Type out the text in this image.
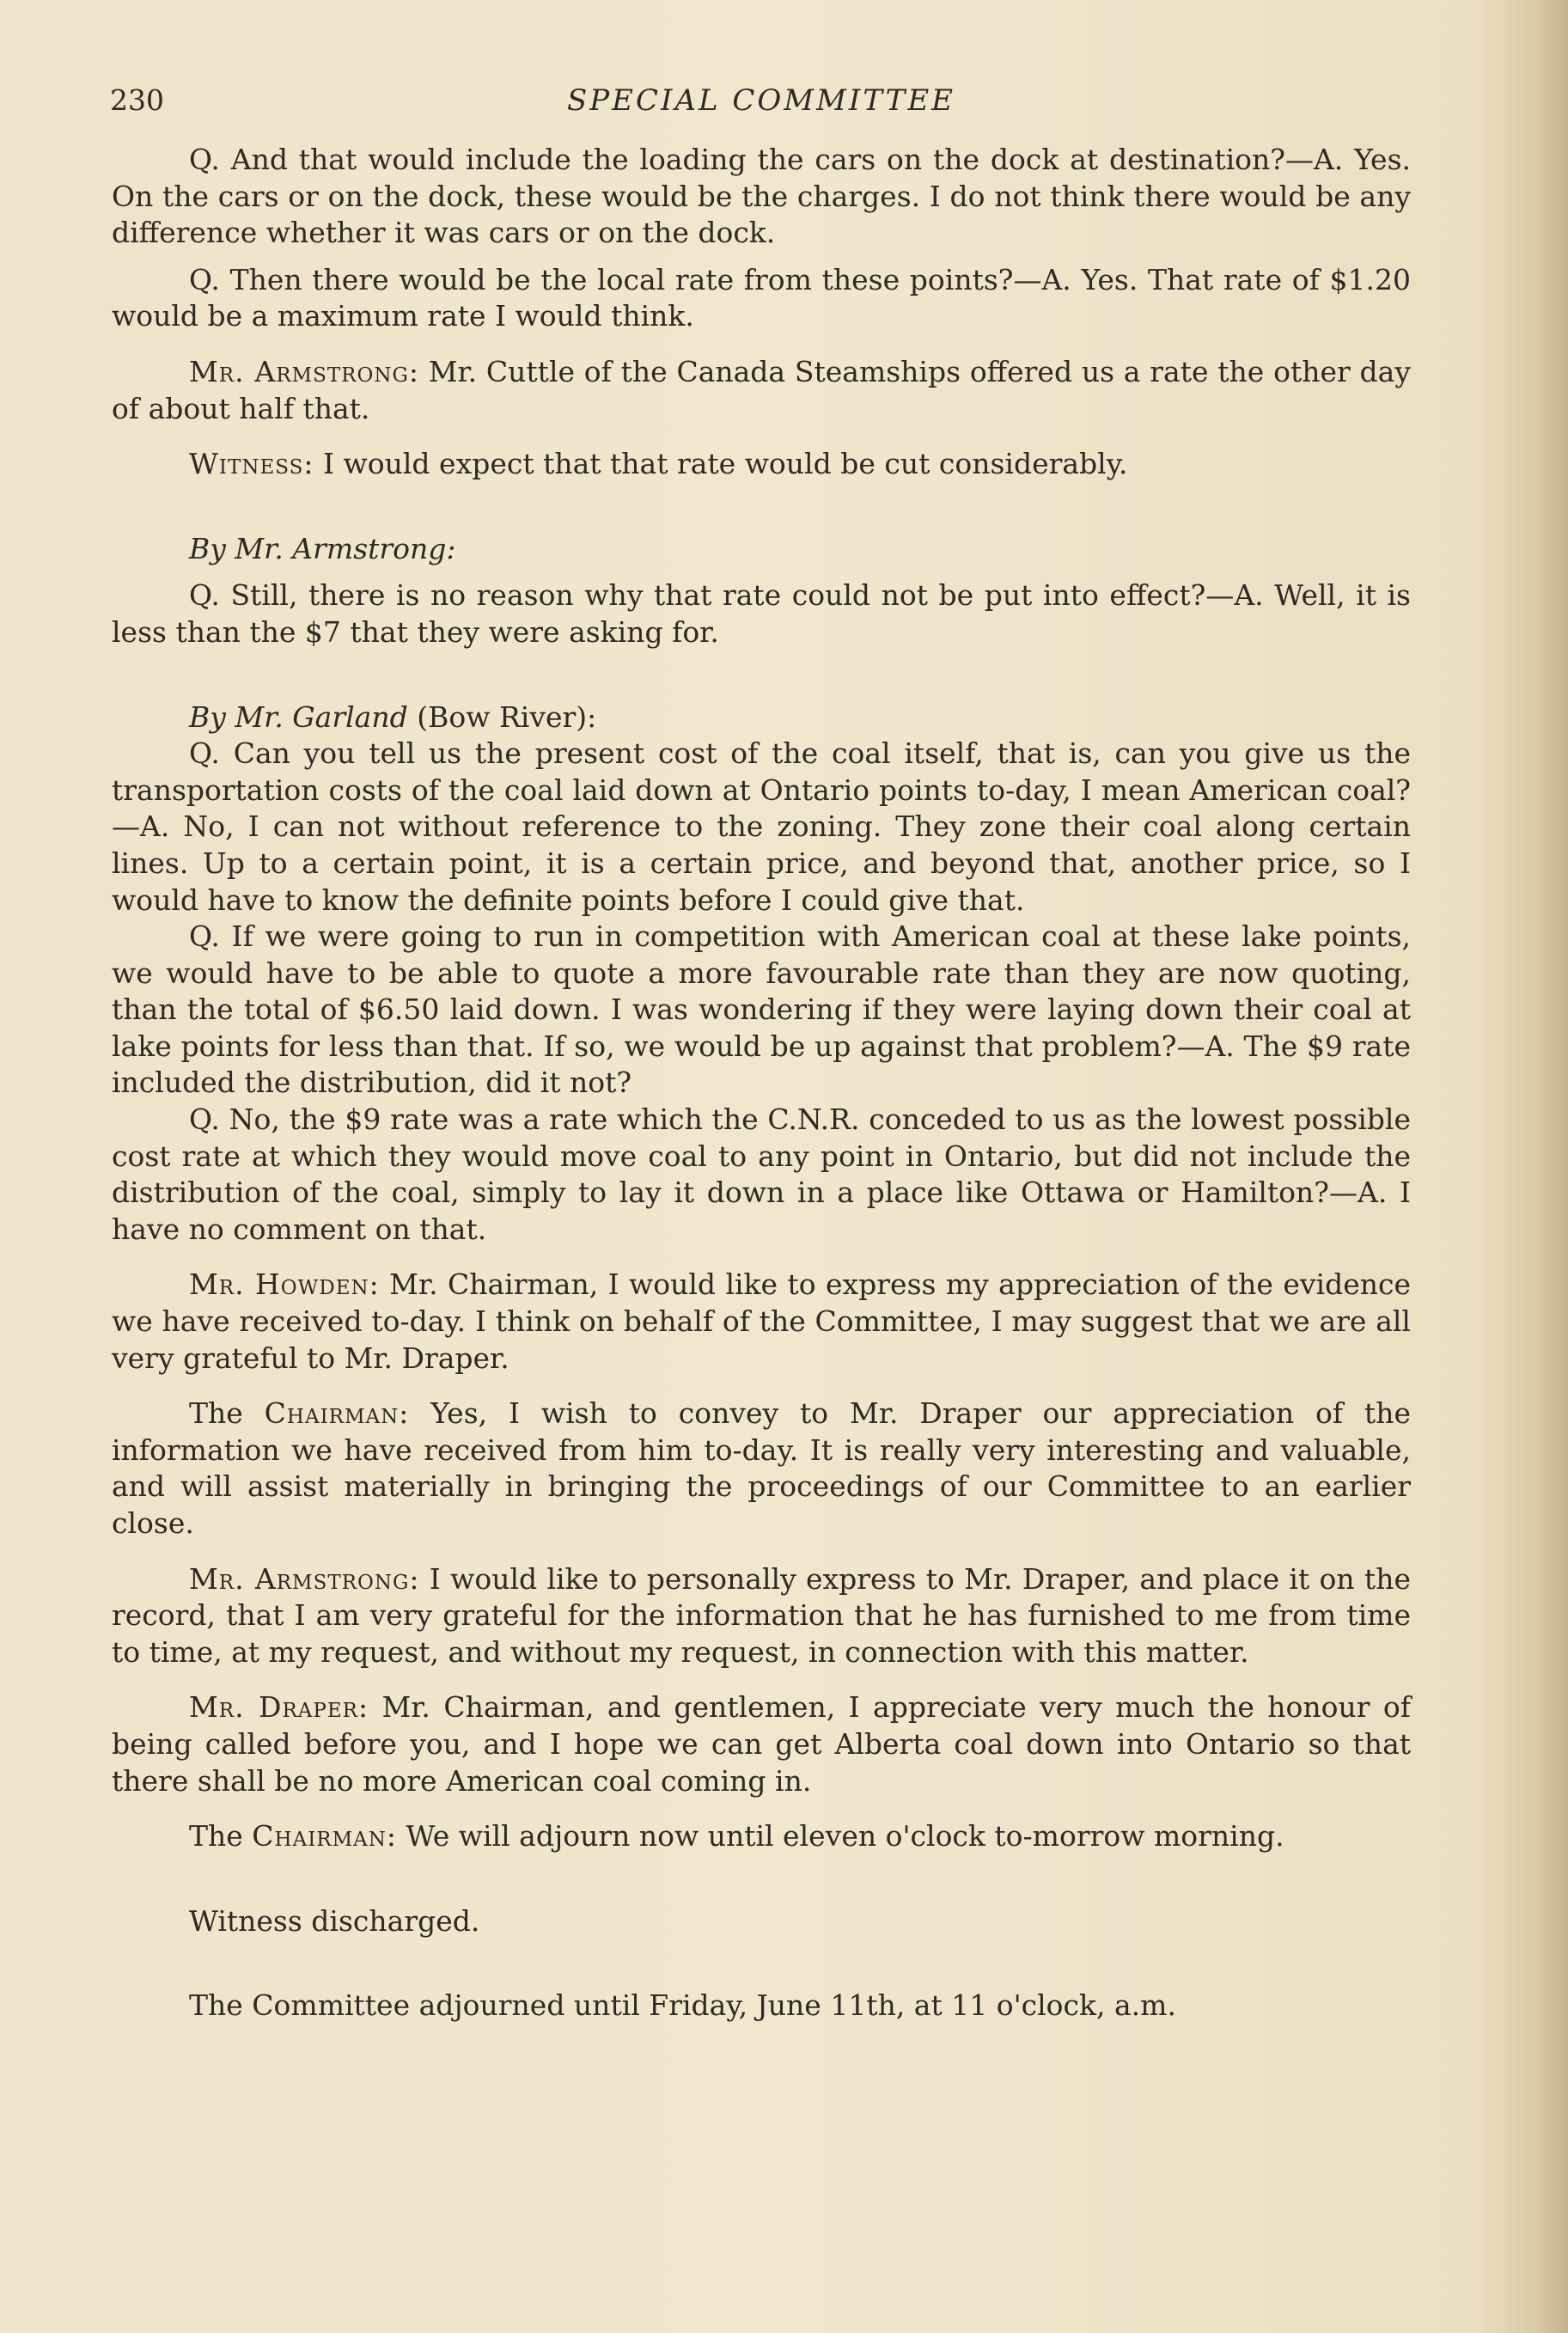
230	SPECIAL COMMITTEE

Q. And that would include the loading the cars on the dock at destination?—A. Yes. On the cars or on the dock, these would be the charges. I do not think there would be any difference whether it was cars or on the dock.

Q. Then there would be the local rate from these points?—A. Yes. That rate of $1.20 would be a maximum rate I would think.

Mr. Armstrong: Mr. Cuttle of the Canada Steamships offered us a rate the other day of about half that.

Witness: I would expect that that rate would be cut considerably.

By Mr. Armstrong:

Q. Still, there is no reason why that rate could not be put into effect?—A. Well, it is less than the $7 that they were asking for.

By Mr. Garland (Bow River):

Q. Can you tell us the present cost of the coal itself, that is, can you give us the transportation costs of the coal laid down at Ontario points to-day, I mean American coal?—A. No, I can not without reference to the zoning. They zone their coal along certain lines. Up to a certain point, it is a certain price, and beyond that, another price, so I would have to know the definite points before I could give that.

Q. If we were going to run in competition with American coal at these lake points, we would have to be able to quote a more favourable rate than they are now quoting, than the total of $6.50 laid down. I was wondering if they were laying down their coal at lake points for less than that. If so, we would be up against that problem?—A. The $9 rate included the distribution, did it not?

Q. No, the $9 rate was a rate which the C.N.R. conceded to us as the lowest possible cost rate at which they would move coal to any point in Ontario, but did not include the distribution of the coal, simply to lay it down in a place like Ottawa or Hamilton?—A. I have no comment on that.

Mr. Howden: Mr. Chairman, I would like to express my appreciation of the evidence we have received to-day. I think on behalf of the Committee, I may suggest that we are all very grateful to Mr. Draper.

The Chairman: Yes, I wish to convey to Mr. Draper our appreciation of the information we have received from him to-day. It is really very interesting and valuable, and will assist materially in bringing the proceedings of our Committee to an earlier close.

Mr. Armstrong: I would like to personally express to Mr. Draper, and place it on the record, that I am very grateful for the information that he has furnished to me from time to time, at my request, and without my request, in connection with this matter.

Mr. Draper: Mr. Chairman, and gentlemen, I appreciate very much the honour of being called before you, and I hope we can get Alberta coal down into Ontario so that there shall be no more American coal coming in.

The Chairman: We will adjourn now until eleven o'clock to-morrow morning.

Witness discharged.

The Committee adjourned until Friday, June 11th, at 11 o'clock, a.m.
